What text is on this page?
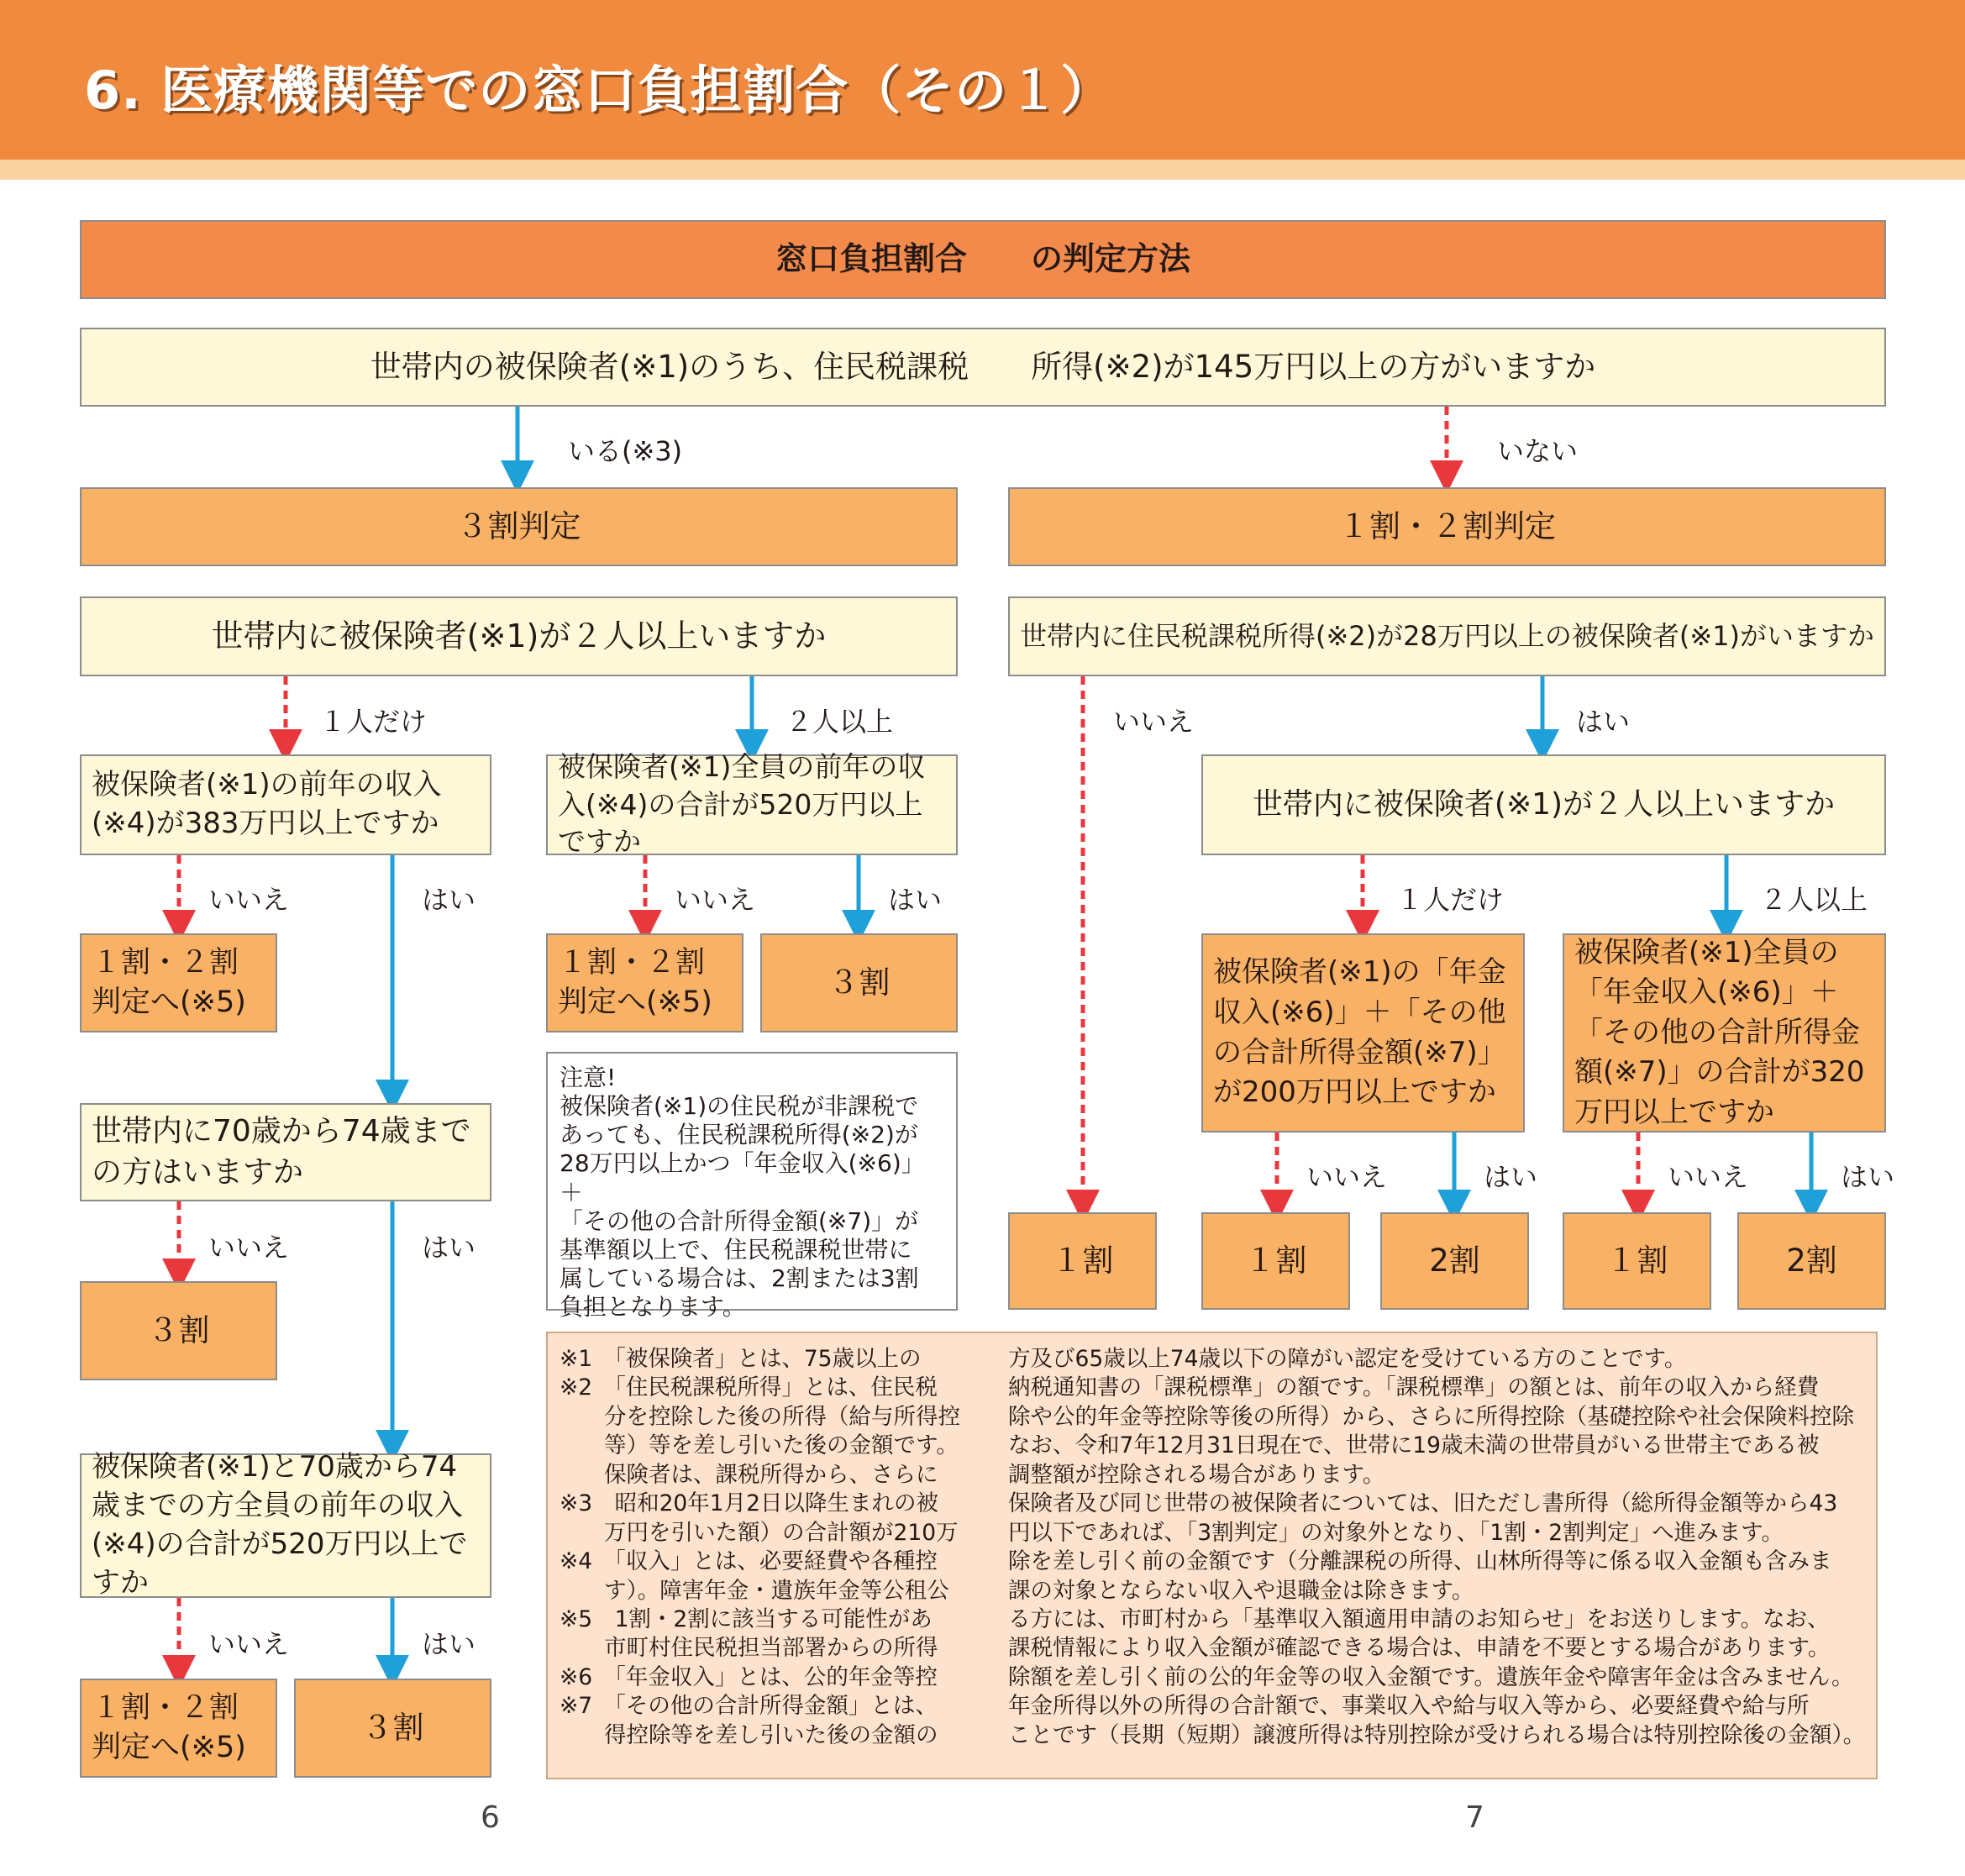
6. 医療機関等での窓口負担割合（その１）
窓口負担割合　　の判定方法
世帯内の被保険者(※1)のうち、住民税課税　　所得(※2)が145万円以上の方がいますか
いる(※3)	いない
１人だけ	２人以上
いいえ	はい	いいえ	はい
いいえ	はい
いいえ	はい
いいえ	はい
１人だけ	２人以上
いいえ	はい	いいえ	はい
３割判定
世帯内に被保険者(※1)が２人以上いますか
被保険者(※1)の前年の収入(※4)が383万円以上ですか
被保険者(※1)全員の前年の収入(※4)の合計が520万円以上ですか
１割・２割判定へ(※5)
１割・２割判定へ(※5)
３割
注意!
被保険者(※1)の住民税が非課税で
あっても、住民税課税所得(※2)が
28万円以上かつ「年金収入(※6)」＋
「その他の合計所得金額(※7)」が
基準額以上で、住民税課税世帯に
属している場合は、2割または3割
負担となります。
世帯内に70歳から74歳までの方はいますか
３割
被保険者(※1)と70歳から74歳までの方全員の前年の収入(※4)の合計が520万円以上ですか
１割・２割判定へ(※5)
３割
１割・２割判定
世帯内に住民税課税所得(※2)が28万円以上の被保険者(※1)がいますか
世帯内に被保険者(※1)が２人以上いますか
被保険者(※1)の「年金収入(※6)」＋「その他の合計所得金額(※7)」が200万円以上ですか
被保険者(※1)全員の「年金収入(※6)」＋「その他の合計所得金額(※7)」の合計が320万円以上ですか
１割	１割	2割	１割	2割
※1　「被保険者」とは、75歳以上の
※2　「住民税課税所得」とは、住民税
　　分を控除した後の所得（給与所得控
　　等）等を差し引いた後の金額です。
　　保険者は、課税所得から、さらに
※3　昭和20年1月2日以降生まれの被
　　万円を引いた額）の合計額が210万
※4　「収入」とは、必要経費や各種控
　　す）。障害年金・遺族年金等公租公
※5　1割・2割に該当する可能性があ
　　市町村住民税担当部署からの所得
※6　「年金収入」とは、公的年金等控
※7　「その他の合計所得金額」とは、
　　得控除等を差し引いた後の金額の
方及び65歳以上74歳以下の障がい認定を受けている方のことです。
納税通知書の「課税標準」の額です。「課税標準」の額とは、前年の収入から経費
除や公的年金等控除等後の所得）から、さらに所得控除（基礎控除や社会保険料控除
なお、令和7年12月31日現在で、世帯に19歳未満の世帯員がいる世帯主である被
調整額が控除される場合があります。
保険者及び同じ世帯の被保険者については、旧ただし書所得（総所得金額等から43
円以下であれば、「3割判定」の対象外となり、「1割・2割判定」へ進みます。
除を差し引く前の金額です（分離課税の所得、山林所得等に係る収入金額も含みま
課の対象とならない収入や退職金は除きます。
る方には、市町村から「基準収入額適用申請のお知らせ」をお送りします。なお、
課税情報により収入金額が確認できる場合は、申請を不要とする場合があります。
除額を差し引く前の公的年金等の収入金額です。遺族年金や障害年金は含みません。
年金所得以外の所得の合計額で、事業収入や給与収入等から、必要経費や給与所
ことです（長期（短期）譲渡所得は特別控除が受けられる場合は特別控除後の金額）。
6	7
